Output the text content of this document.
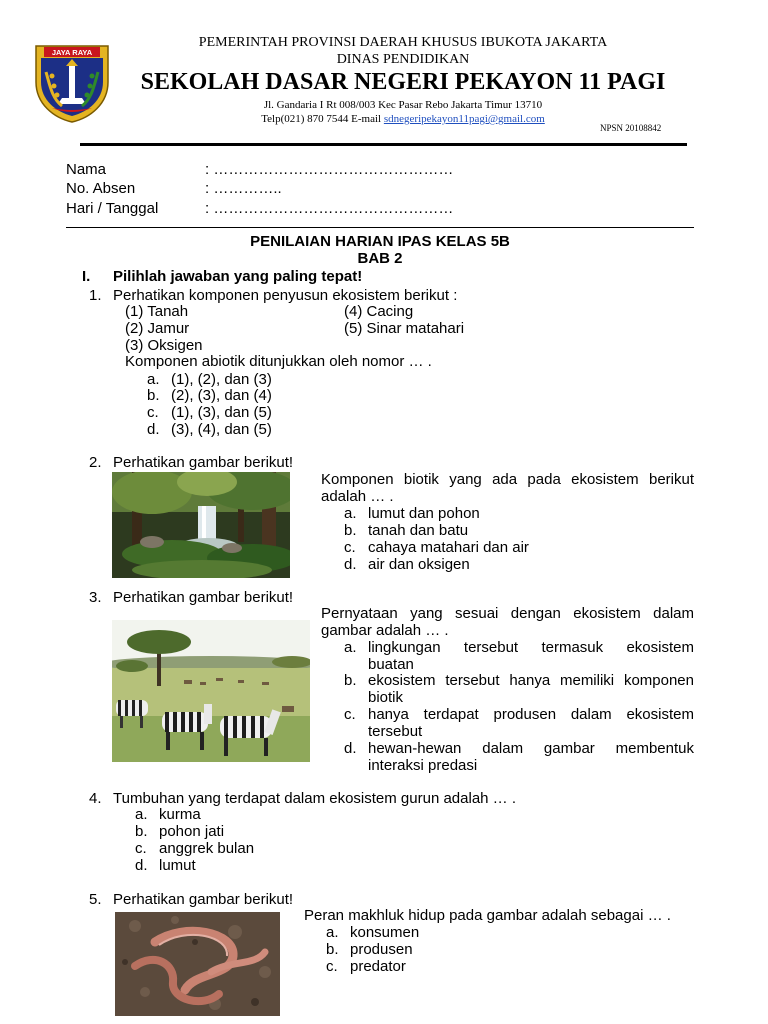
JAYA RAYA
PEMERINTAH PROVINSI DAERAH KHUSUS IBUKOTA JAKARTA
DINAS PENDIDIKAN
SEKOLAH DASAR NEGERI PEKAYON 11 PAGI
Jl. Gandaria I Rt 008/003 Kec Pasar Rebo Jakarta Timur 13710
Telp(021) 870 7544 E-mail sdnegeripekayon11pagi@gmail.com
NPSN 20108842
Nama	: …………………………………………
No. Absen	: …………..
Hari / Tanggal	: …………………………………………
PENILAIAN HARIAN IPAS KELAS 5B
BAB 2
I. Pilihlah jawaban yang paling tepat!
1. Perhatikan komponen penyusun ekosistem berikut :
(1) Tanah	(4) Cacing
(2) Jamur	(5) Sinar matahari
(3) Oksigen
Komponen abiotik ditunjukkan oleh nomor … .
a. (1), (2), dan (3)
b. (2), (3), dan (4)
c. (1), (3), dan (5)
d. (3), (4), dan (5)
2. Perhatikan gambar berikut!
Komponen biotik yang ada pada ekosistem berikut
adalah … .
a. lumut dan pohon
b. tanah dan batu
c. cahaya matahari dan air
d. air dan oksigen
3. Perhatikan gambar berikut!
Pernyataan yang sesuai dengan ekosistem dalam
gambar adalah … .
a. lingkungan tersebut termasuk ekosistem
buatan
b. ekosistem tersebut hanya memiliki komponen
biotik
c. hanya terdapat produsen dalam ekosistem
tersebut
d. hewan-hewan dalam gambar membentuk
interaksi predasi
4. Tumbuhan yang terdapat dalam ekosistem gurun adalah … .
a. kurma
b. pohon jati
c. anggrek bulan
d. lumut
5. Perhatikan gambar berikut!
Peran makhluk hidup pada gambar adalah sebagai … .
a. konsumen
b. produsen
c. predator
